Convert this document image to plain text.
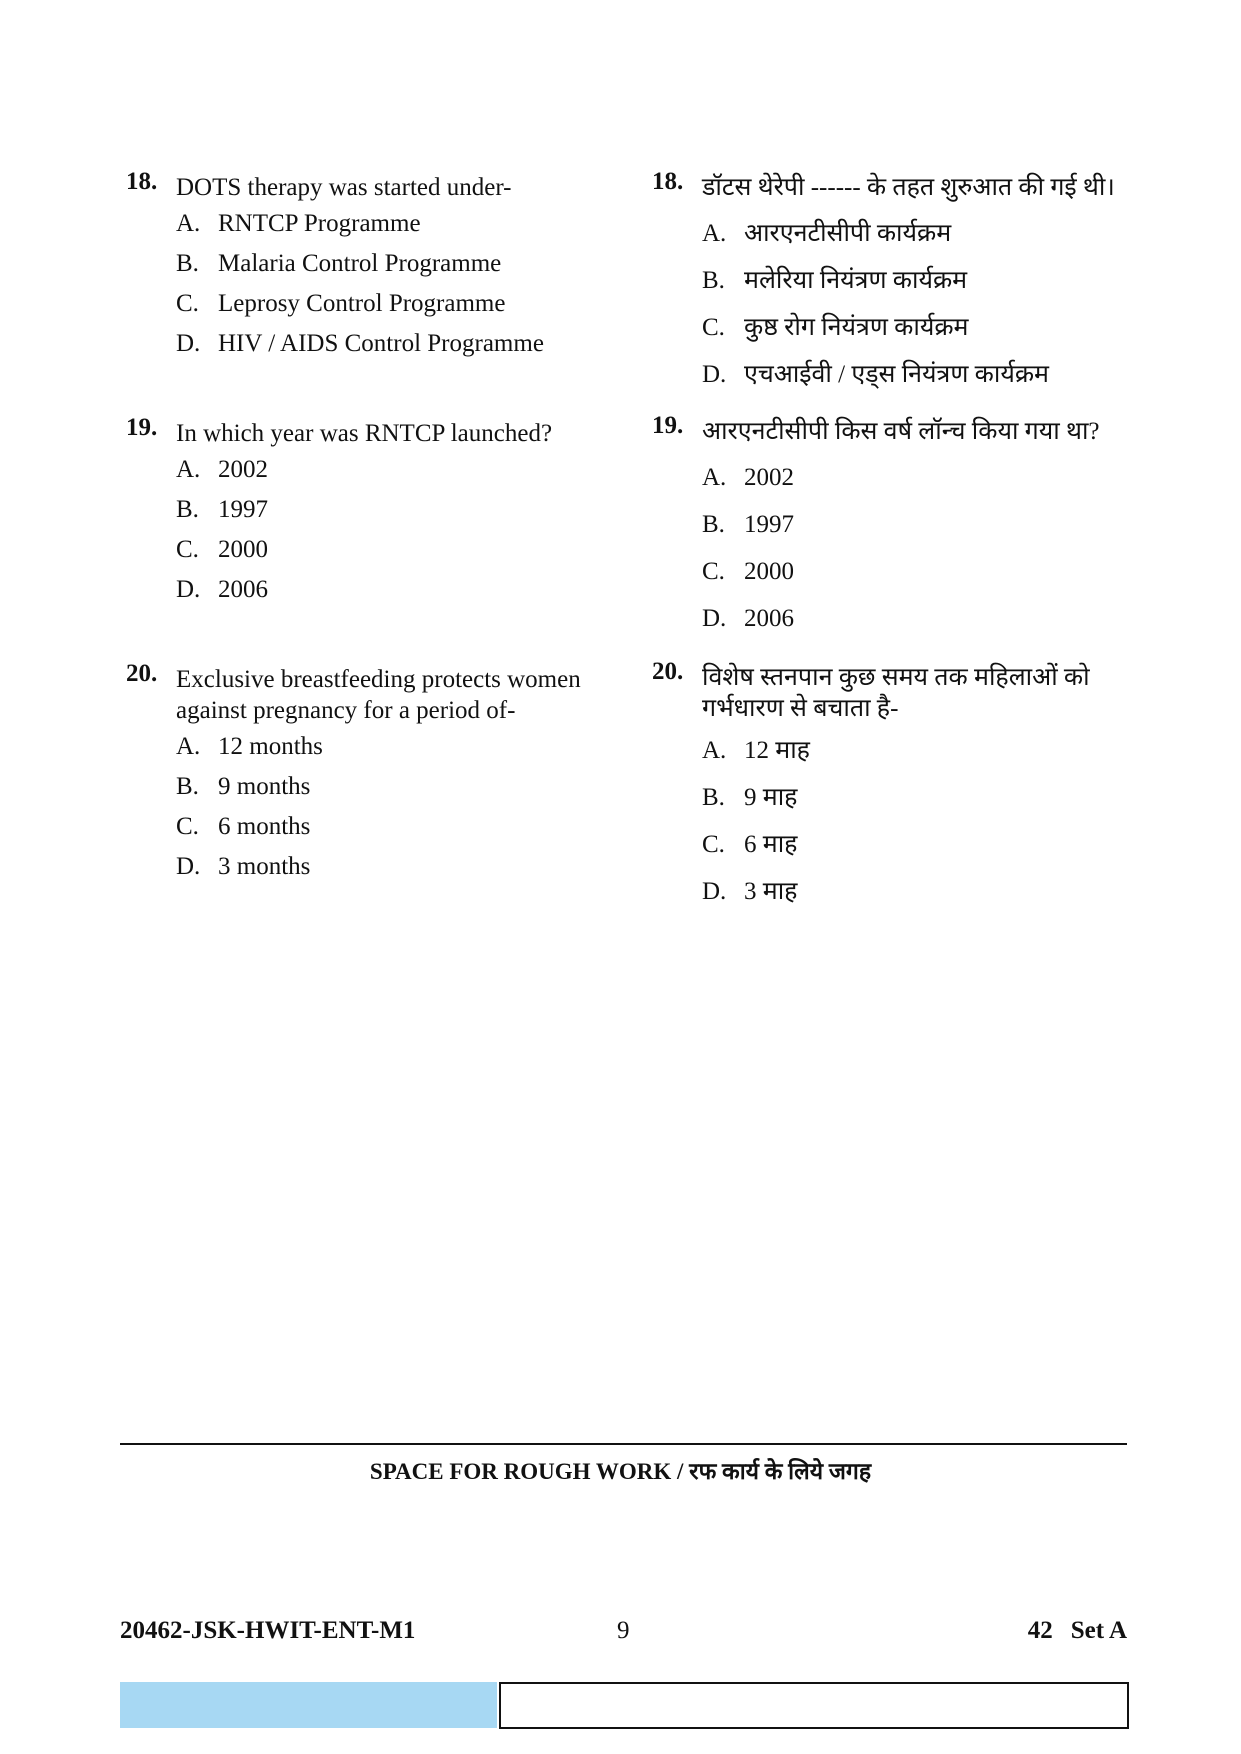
18. DOTS therapy was started under-
A. RNTCP Programme
B. Malaria Control Programme
C. Leprosy Control Programme
D. HIV / AIDS Control Programme
19. In which year was RNTCP launched?
A. 2002
B. 1997
C. 2000
D. 2006
20. Exclusive breastfeeding protects women against pregnancy for a period of-
A. 12 months
B. 9 months
C. 6 months
D. 3 months
18. डॉटस थेरेपी ------ के तहत शुरुआत की गई थी।
A. आरएनटीसीपी कार्यक्रम
B. मलेरिया नियंत्रण कार्यक्रम
C. कुष्ठ रोग नियंत्रण कार्यक्रम
D. एचआईवी / एड्स नियंत्रण कार्यक्रम
19. आरएनटीसीपी किस वर्ष लॉन्च किया गया था?
A. 2002
B. 1997
C. 2000
D. 2006
20. विशेष स्तनपान कुछ समय तक महिलाओं को गर्भधारण से बचाता है-
A. 12 माह
B. 9 माह
C. 6 माह
D. 3 माह
SPACE FOR ROUGH WORK / रफ कार्य के लिये जगह
20462-JSK-HWIT-ENT-M1	9	42 Set A
